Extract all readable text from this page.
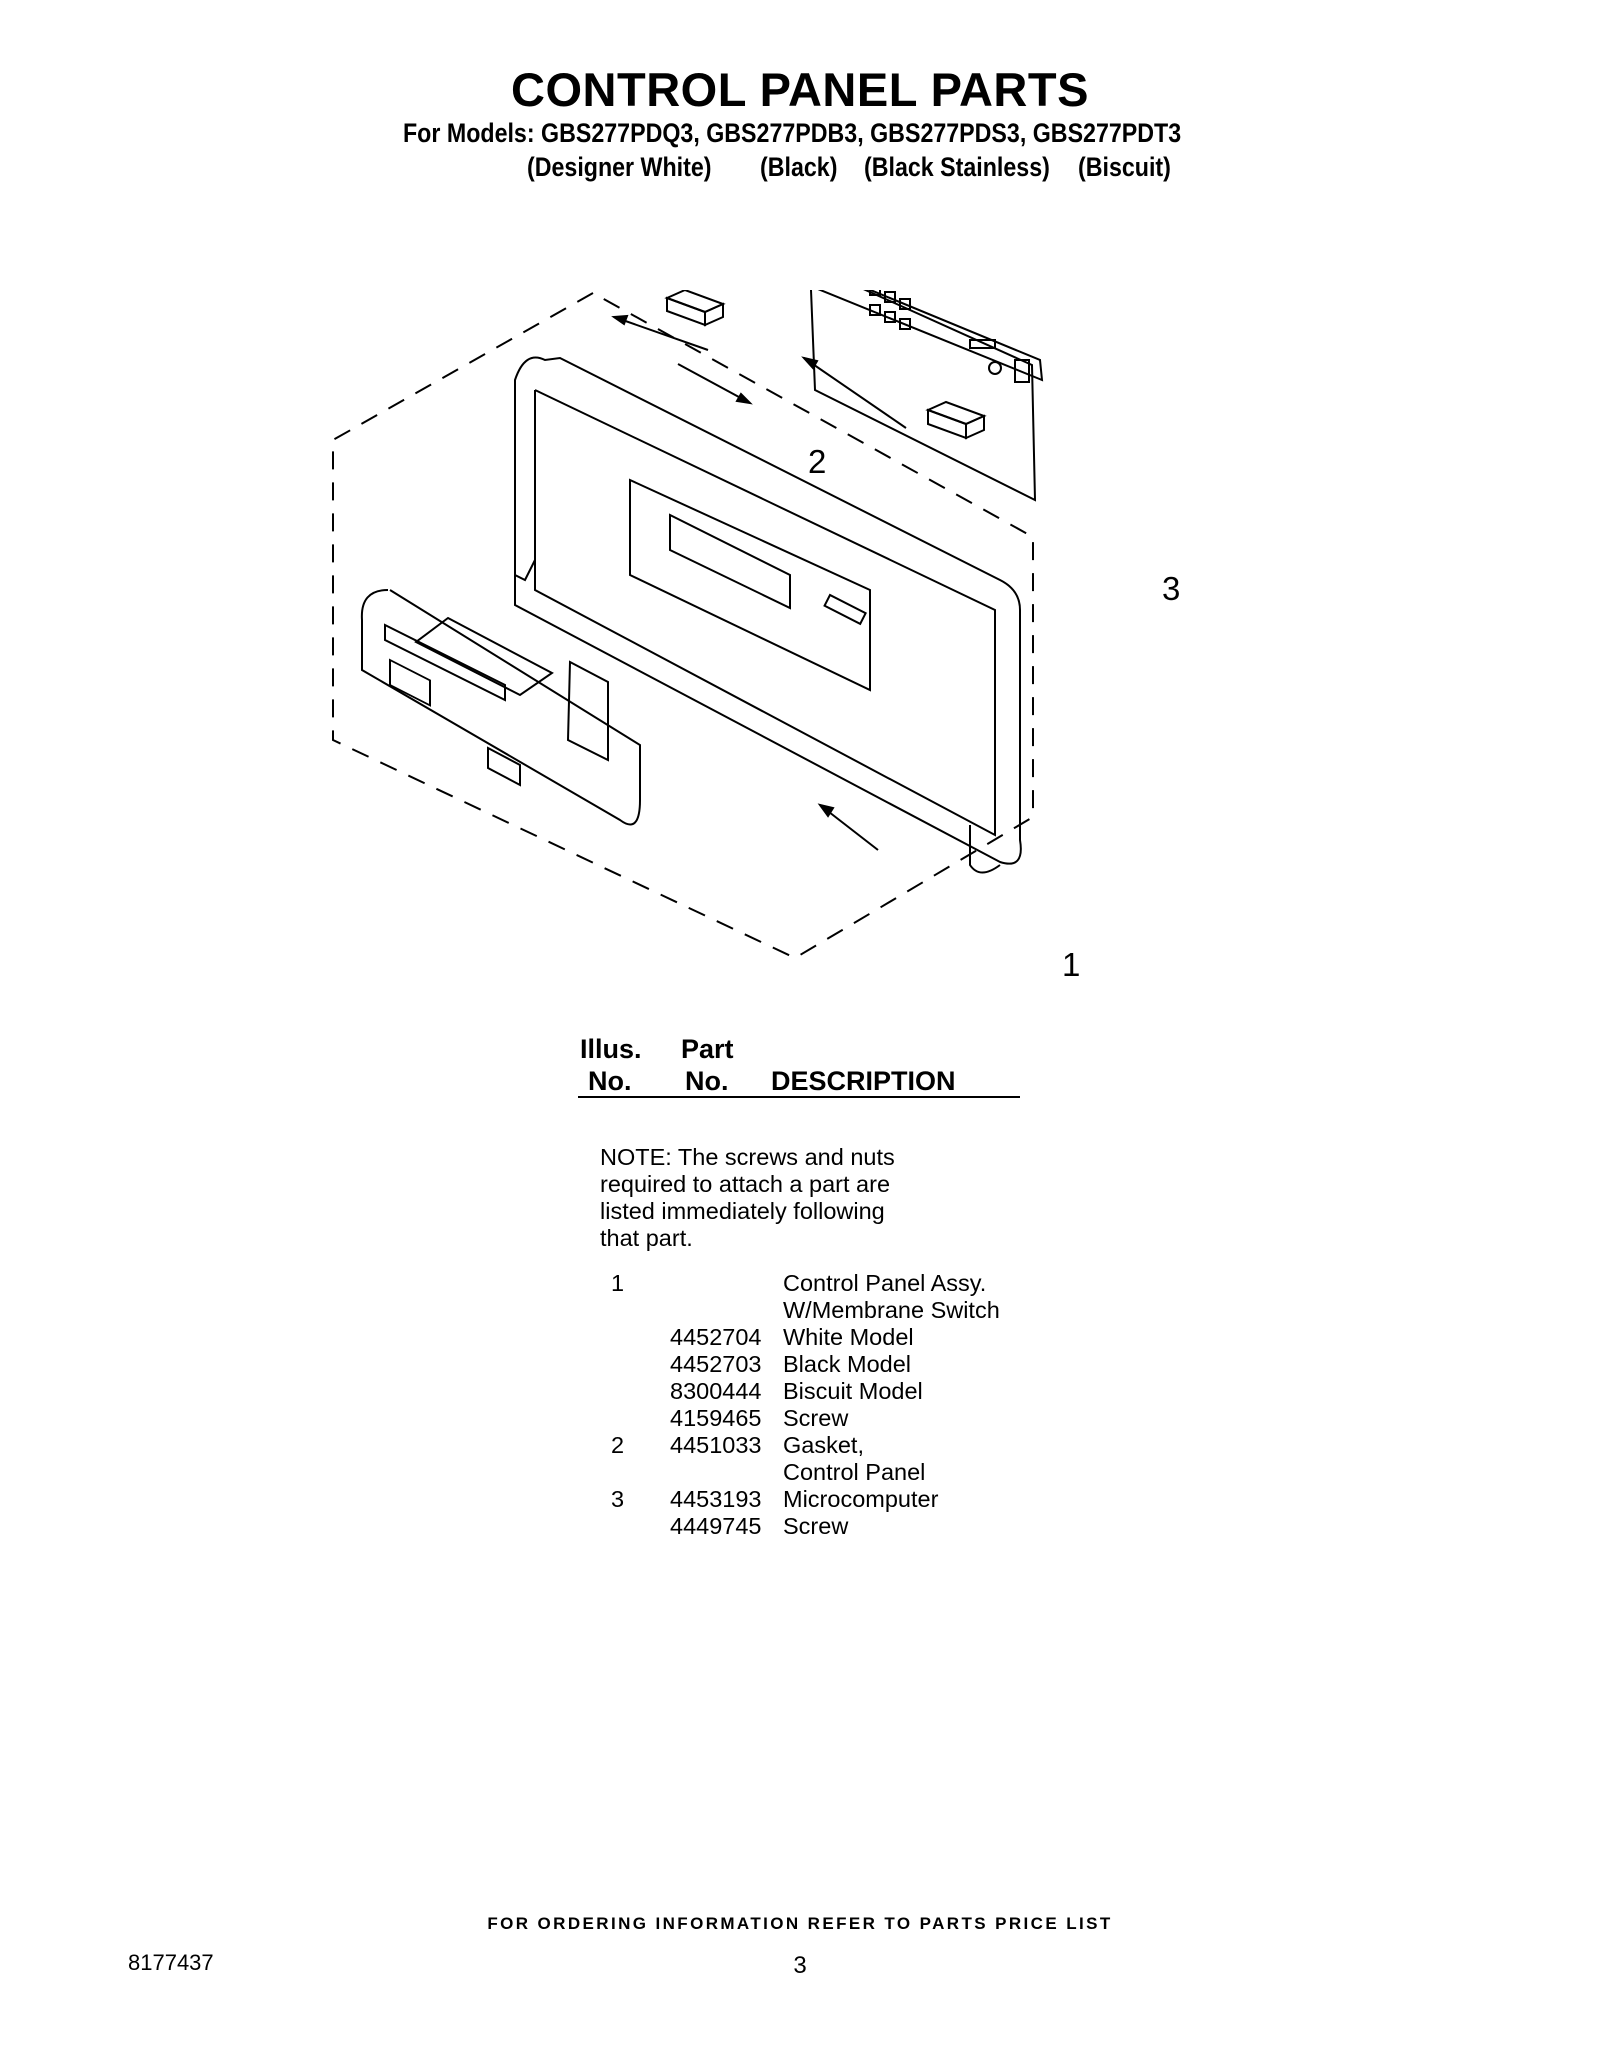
CONTROL PANEL PARTS
For Models: GBS277PDQ3, GBS277PDB3, GBS277PDS3, GBS277PDT3
(Designer White) (Black) (Black Stainless) (Biscuit)
1
2
3
Illus.
No.
Part
No. DESCRIPTION
NOTE: The screws and nuts
required to attach a part are
listed immediately following
that part.
1	Control Panel Assy.
W/Membrane Switch
4452704 White Model
4452703 Black Model
8300444 Biscuit Model
4159465 Screw
2 4451033 Gasket,
Control Panel
3 4453193 Microcomputer
4449745 Screw
FOR ORDERING INFORMATION REFER TO PARTS PRICE LIST
8177437	3
